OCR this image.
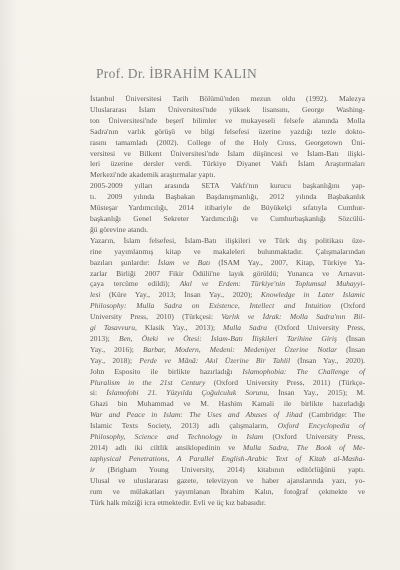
Prof. Dr. İBRAHİM KALIN
İstanbul Üniversitesi Tarih Bölümü'nden mezun oldu (1992). Malezya
Uluslararası İslam Üniversitesi'nde yüksek lisansını, George Washing-
ton Üniversitesi'nde beşerî bilimler ve mukayeseli felsefe alanında Molla
Sadra'nın varlık görüşü ve bilgi felsefesi üzerine yazdığı tezle dokto-
rasını tamamladı (2002). College of the Holy Cross, Georgetown Üni-
versitesi ve Bilkent Üniversitesi'nde İslam düşüncesi ve İslam-Batı ilişki-
leri üzerine dersler verdi. Türkiye Diyanet Vakfı İslam Araştırmaları
Merkezi'nde akademik araştırmalar yaptı.
2005-2009 yılları arasında SETA Vakfı'nın kurucu başkanlığını yap-
tı. 2009 yılında Başbakan Başdanışmanlığı, 2012 yılında Başbakanlık
Müsteşar Yardımcılığı, 2014 itibariyle de Büyükelçi sıfatıyla Cumhur-
başkanlığı Genel Sekreter Yardımcılığı ve Cumhurbaşkanlığı Sözcülü-
ğü görevine atandı.
Yazarın, İslam felsefesi, İslam-Batı ilişkileri ve Türk dış politikası üze-
rine yayımlanmış kitap ve makaleleri bulunmaktadır. Çalışmalarından
bazıları şunlardır: İslam ve Batı (İSAM Yay., 2007, Kitap, Türkiye Ya-
zarlar Birliği 2007 Fikir Ödülü'ne layık görüldü; Yunanca ve Arnavut-
çaya tercüme edildi); Akıl ve Erdem: Türkiye'nin Toplumsal Muhayyi-
lesi (Küre Yay., 2013; İnsan Yay., 2020); Knowledge in Later Islamic
Philosophy: Mulla Sadra on Existence, Intellect and Intuition (Oxford
University Press, 2010) (Türkçesi: Varlık ve İdrak: Molla Sadra'nın Bil-
gi Tasavvuru, Klasik Yay., 2013); Mulla Sadra (Oxford University Press,
2013); Ben, Öteki ve Ötesi: İslam-Batı İlişkileri Tarihine Giriş (İnsan
Yay., 2016); Barbar, Modern, Medeni: Medeniyet Üzerine Notlar (İnsan
Yay., 2018); Perde ve Mânâ: Akıl Üzerine Bir Tahlil (İnsan Yay., 2020).
John Esposito ile birlikte hazırladığı Islamophobia: The Challenge of
Pluralism in the 21st Century (Oxford University Press, 2011) (Türkçe-
si: İslamofobi 21. Yüzyılda Çoğulculuk Sorunu, İnsan Yay., 2015); M.
Ghazi bin Muhammad ve M. Hashim Kamali ile birlikte hazırladığı
War and Peace in Islam: The Uses and Abuses of Jihad (Cambridge: The
Islamic Texts Society, 2013) adlı çalışmaların, Oxford Encyclopedia of
Philosophy, Science and Technology in Islam (Oxford University Press,
2014) adlı iki ciltlik ansiklopedinin ve Mulla Sadra, The Book of Me-
taphysical Penetrations, A Parallel English-Arabic Text of Kitab al-Masha-
ir (Brigham Young University, 2014) kitabının editörlüğünü yaptı.
Ulusal ve uluslararası gazete, televizyon ve haber ajanslarında yazı, yo-
rum ve mülakatları yayımlanan İbrahim Kalın, fotoğraf çekmekte ve
Türk halk müziği icra etmektedir. Evli ve üç kız babasıdır.
